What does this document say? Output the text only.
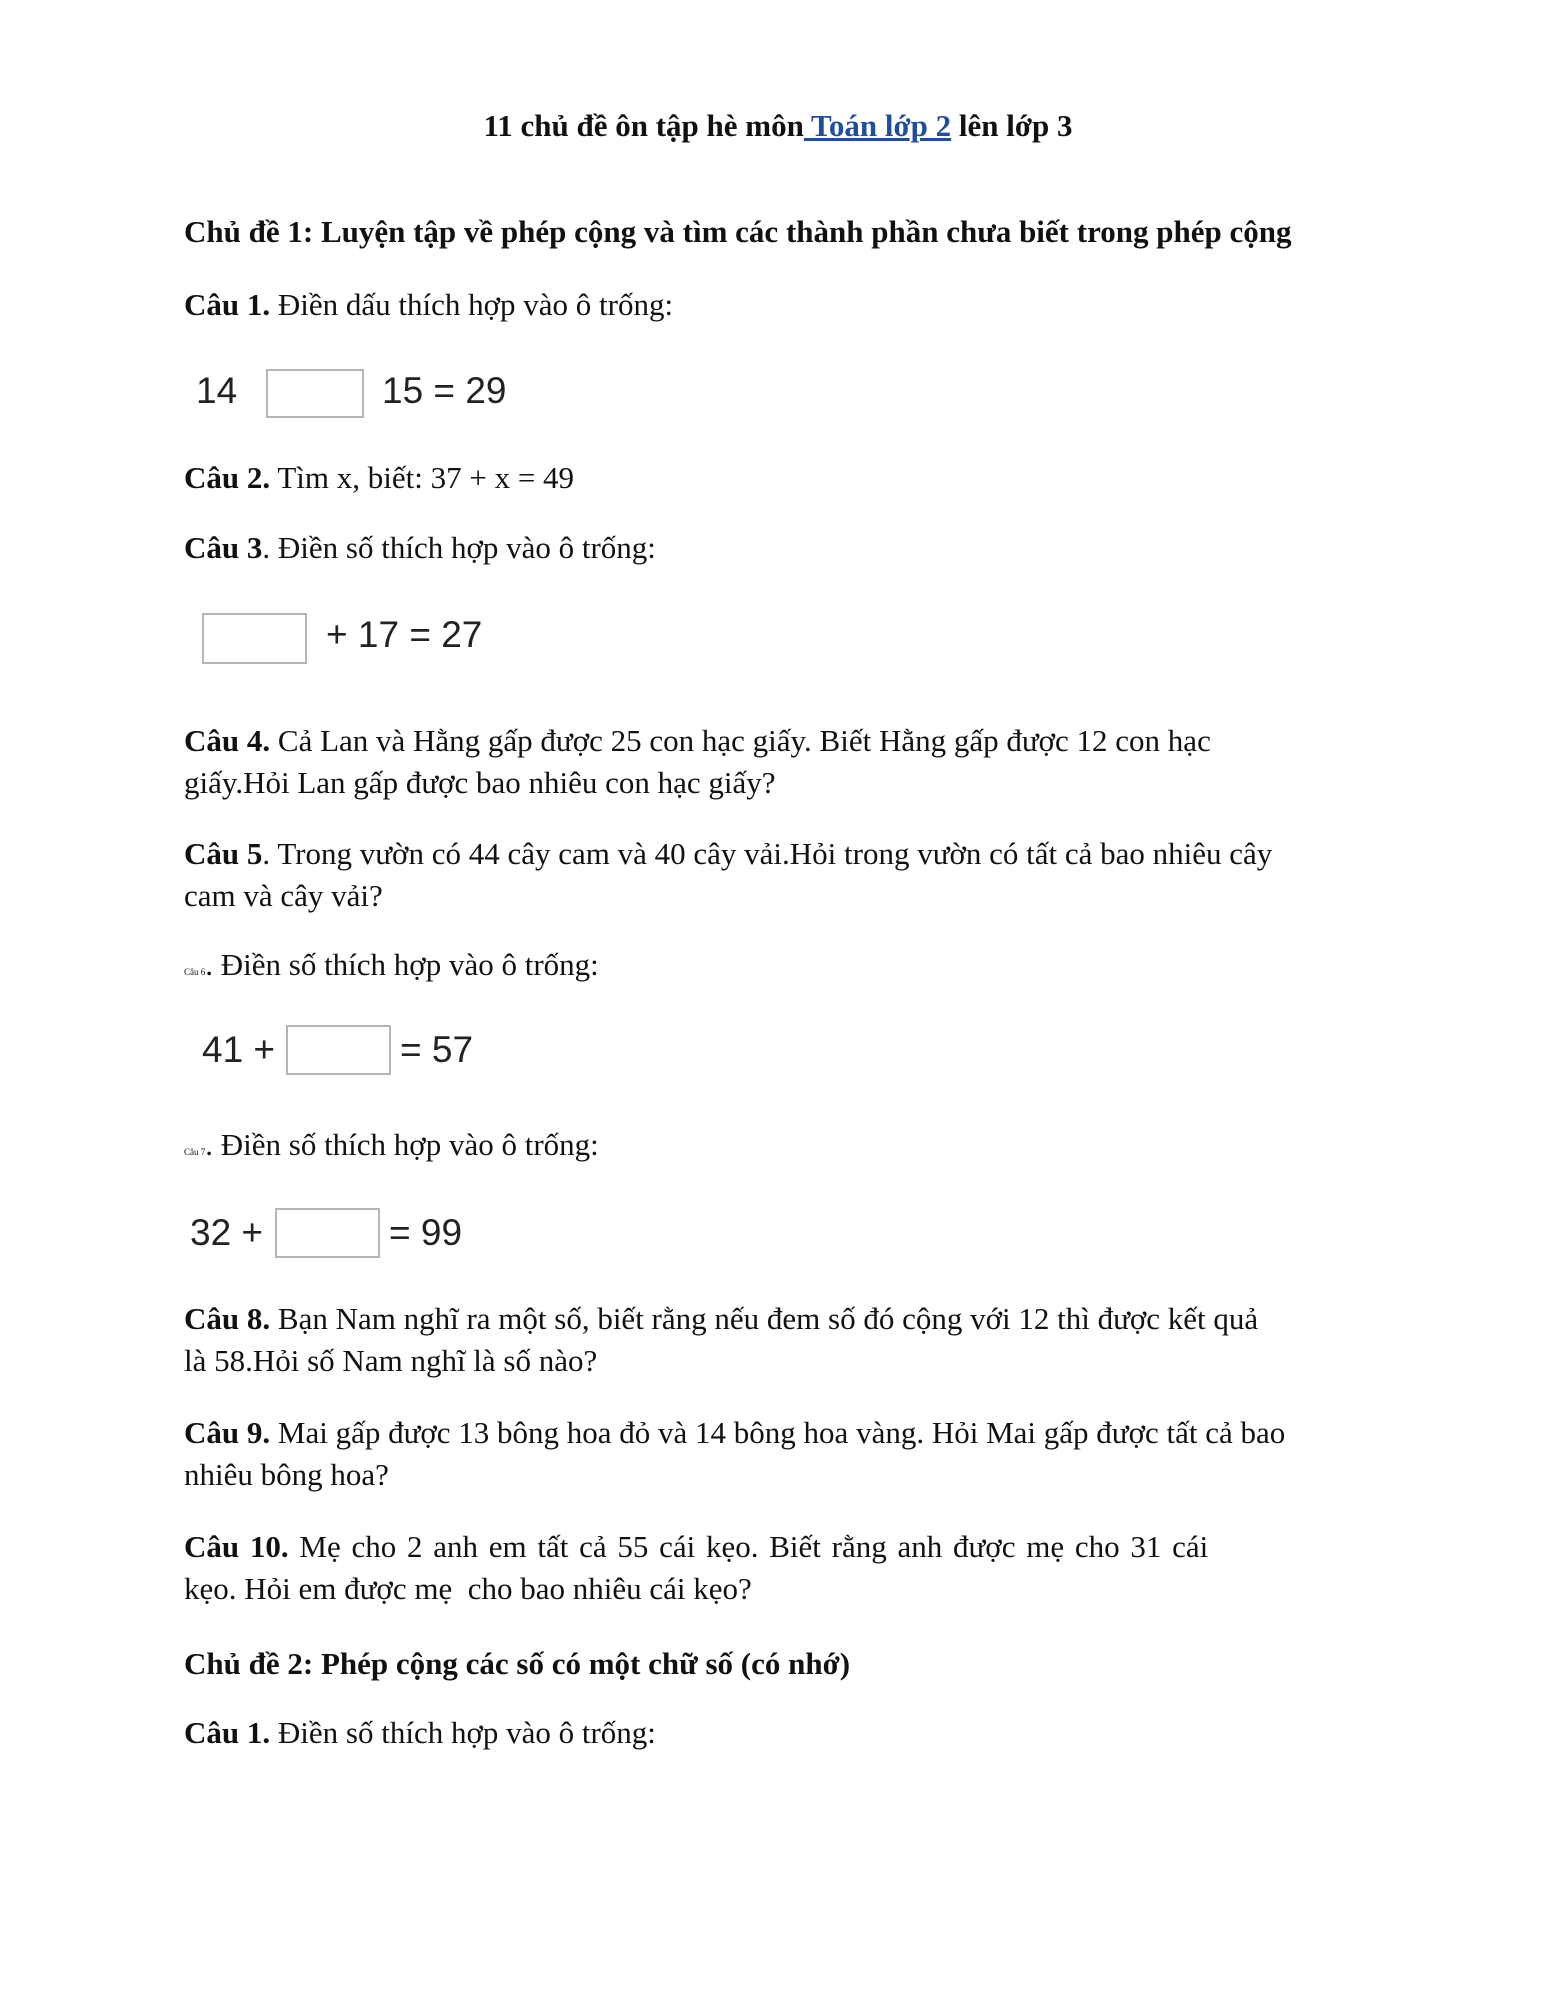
11 chủ đề ôn tập hè môn Toán lớp 2 lên lớp 3
Chủ đề 1: Luyện tập về phép cộng và tìm các thành phần chưa biết trong phép cộng
Câu 1. Điền dấu thích hợp vào ô trống:
14	15 = 29
Câu 2. Tìm x, biết: 37 + x = 49
Câu 3. Điền số thích hợp vào ô trống:
+ 17 = 27
Câu 4. Cả Lan và Hằng gấp được 25 con hạc giấy. Biết Hằng gấp được 12 con hạc
giấy.Hỏi Lan gấp được bao nhiêu con hạc giấy?
Câu 5. Trong vườn có 44 cây cam và 40 cây vải.Hỏi trong vườn có tất cả bao nhiêu cây
cam và cây vải?
Câu 6. Điền số thích hợp vào ô trống:
41 +	= 57
Câu 7. Điền số thích hợp vào ô trống:
32 +	= 99
Câu 8. Bạn Nam nghĩ ra một số, biết rằng nếu đem số đó cộng với 12 thì được kết quả
là 58.Hỏi số Nam nghĩ là số nào?
Câu 9. Mai gấp được 13 bông hoa đỏ và 14 bông hoa vàng. Hỏi Mai gấp được tất cả bao
nhiêu bông hoa?
Câu 10. Mẹ cho 2 anh em tất cả 55 cái kẹo. Biết rằng anh được mẹ cho 31 cái
kẹo. Hỏi em được mẹ  cho bao nhiêu cái kẹo?
Chủ đề 2: Phép cộng các số có một chữ số (có nhớ)
Câu 1. Điền số thích hợp vào ô trống:
